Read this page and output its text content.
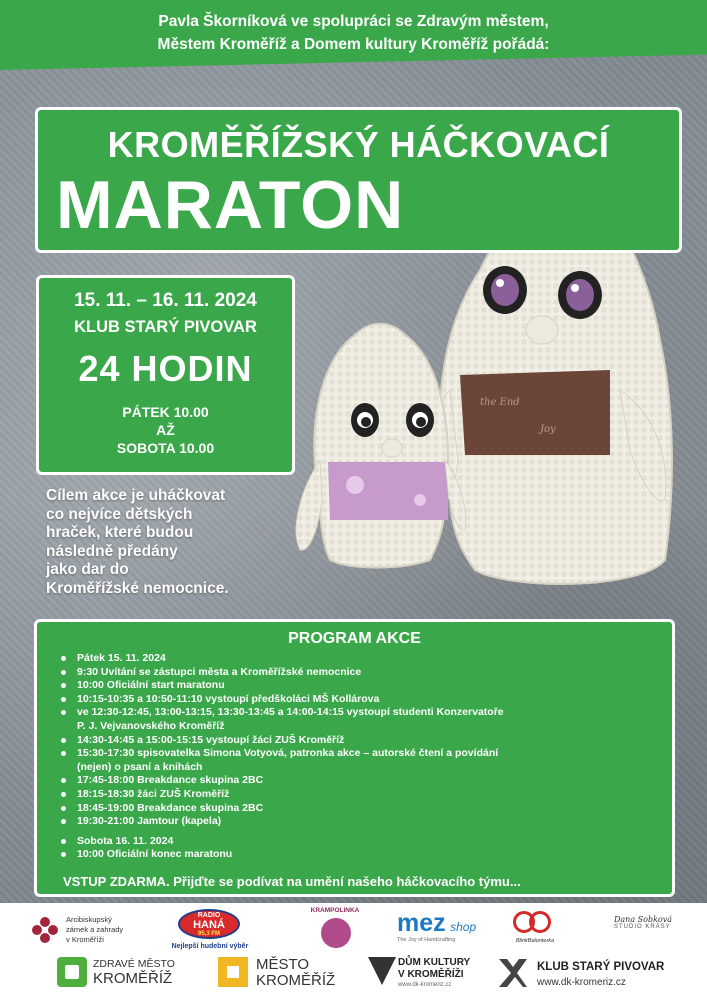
Pavla Škorníková ve spolupráci se Zdravým městem,
Městem Kroměříž a Domem kultury Kroměříž pořádá:
the End
Joy
KROMĚŘÍŽSKÝ HÁČKOVACÍ
MARATON
15. 11. – 16. 11. 2024
KLUB STARÝ PIVOVAR
24 HODIN
PÁTEK 10.00
AŽ
SOBOTA 10.00
Cílem akce je uháčkovat
co nejvíce dětských
hraček, které budou
následně předány
jako dar do
Kroměřížské nemocnice.
PROGRAM AKCE
Pátek 15. 11. 2024
9:30 Uvítání se zástupci města a Kroměřížské nemocnice
10:00 Oficiální start maratonu
10:15-10:35 a 10:50-11:10 vystoupí předškoláci MŠ Kollárova
ve 12:30-12:45, 13:00-13:15, 13:30-13:45 a 14:00-14:15 vystoupí studenti Konzervatoře
P. J. Vejvanovského Kroměříž
14:30-14:45 a 15:00-15:15 vystoupí žáci ZUŠ Kroměříž
15:30-17:30 spisovatelka Simona Votyová, patronka akce – autorské čtení a povídání
(nejen) o psaní a knihách
17:45-18:00 Breakdance skupina 2BC
18:15-18:30 žáci ZUŠ Kroměříž
18:45-19:00 Breakdance skupina 2BC
19:30-21:00 Jamtour (kapela)
Sobota 16. 11. 2024
10:00 Oficiální konec maratonu
VSTUP ZDARMA. Přijďte se podívat na umění našeho háčkovacího týmu...
Arcibiskupský
zámek a zahrady
v Kroměříži
RADIO
HANÁ
95,3 FM
Nejlepší hudební výběr
KRAMPOLINKA mez shop
The Joy of Handcrafting	BlinkBalonterka
Dana Sobková
STUDIO KRÁSY
ZDRAVÉ MĚSTO
KROMĚŘÍŽ
MĚSTO
KROMĚŘÍŽ
DŮM KULTURY
V KROMĚŘÍŽI
www.dk-kromeriz.cz
KLUB STARÝ PIVOVAR
www.dk-kromeriz.cz
